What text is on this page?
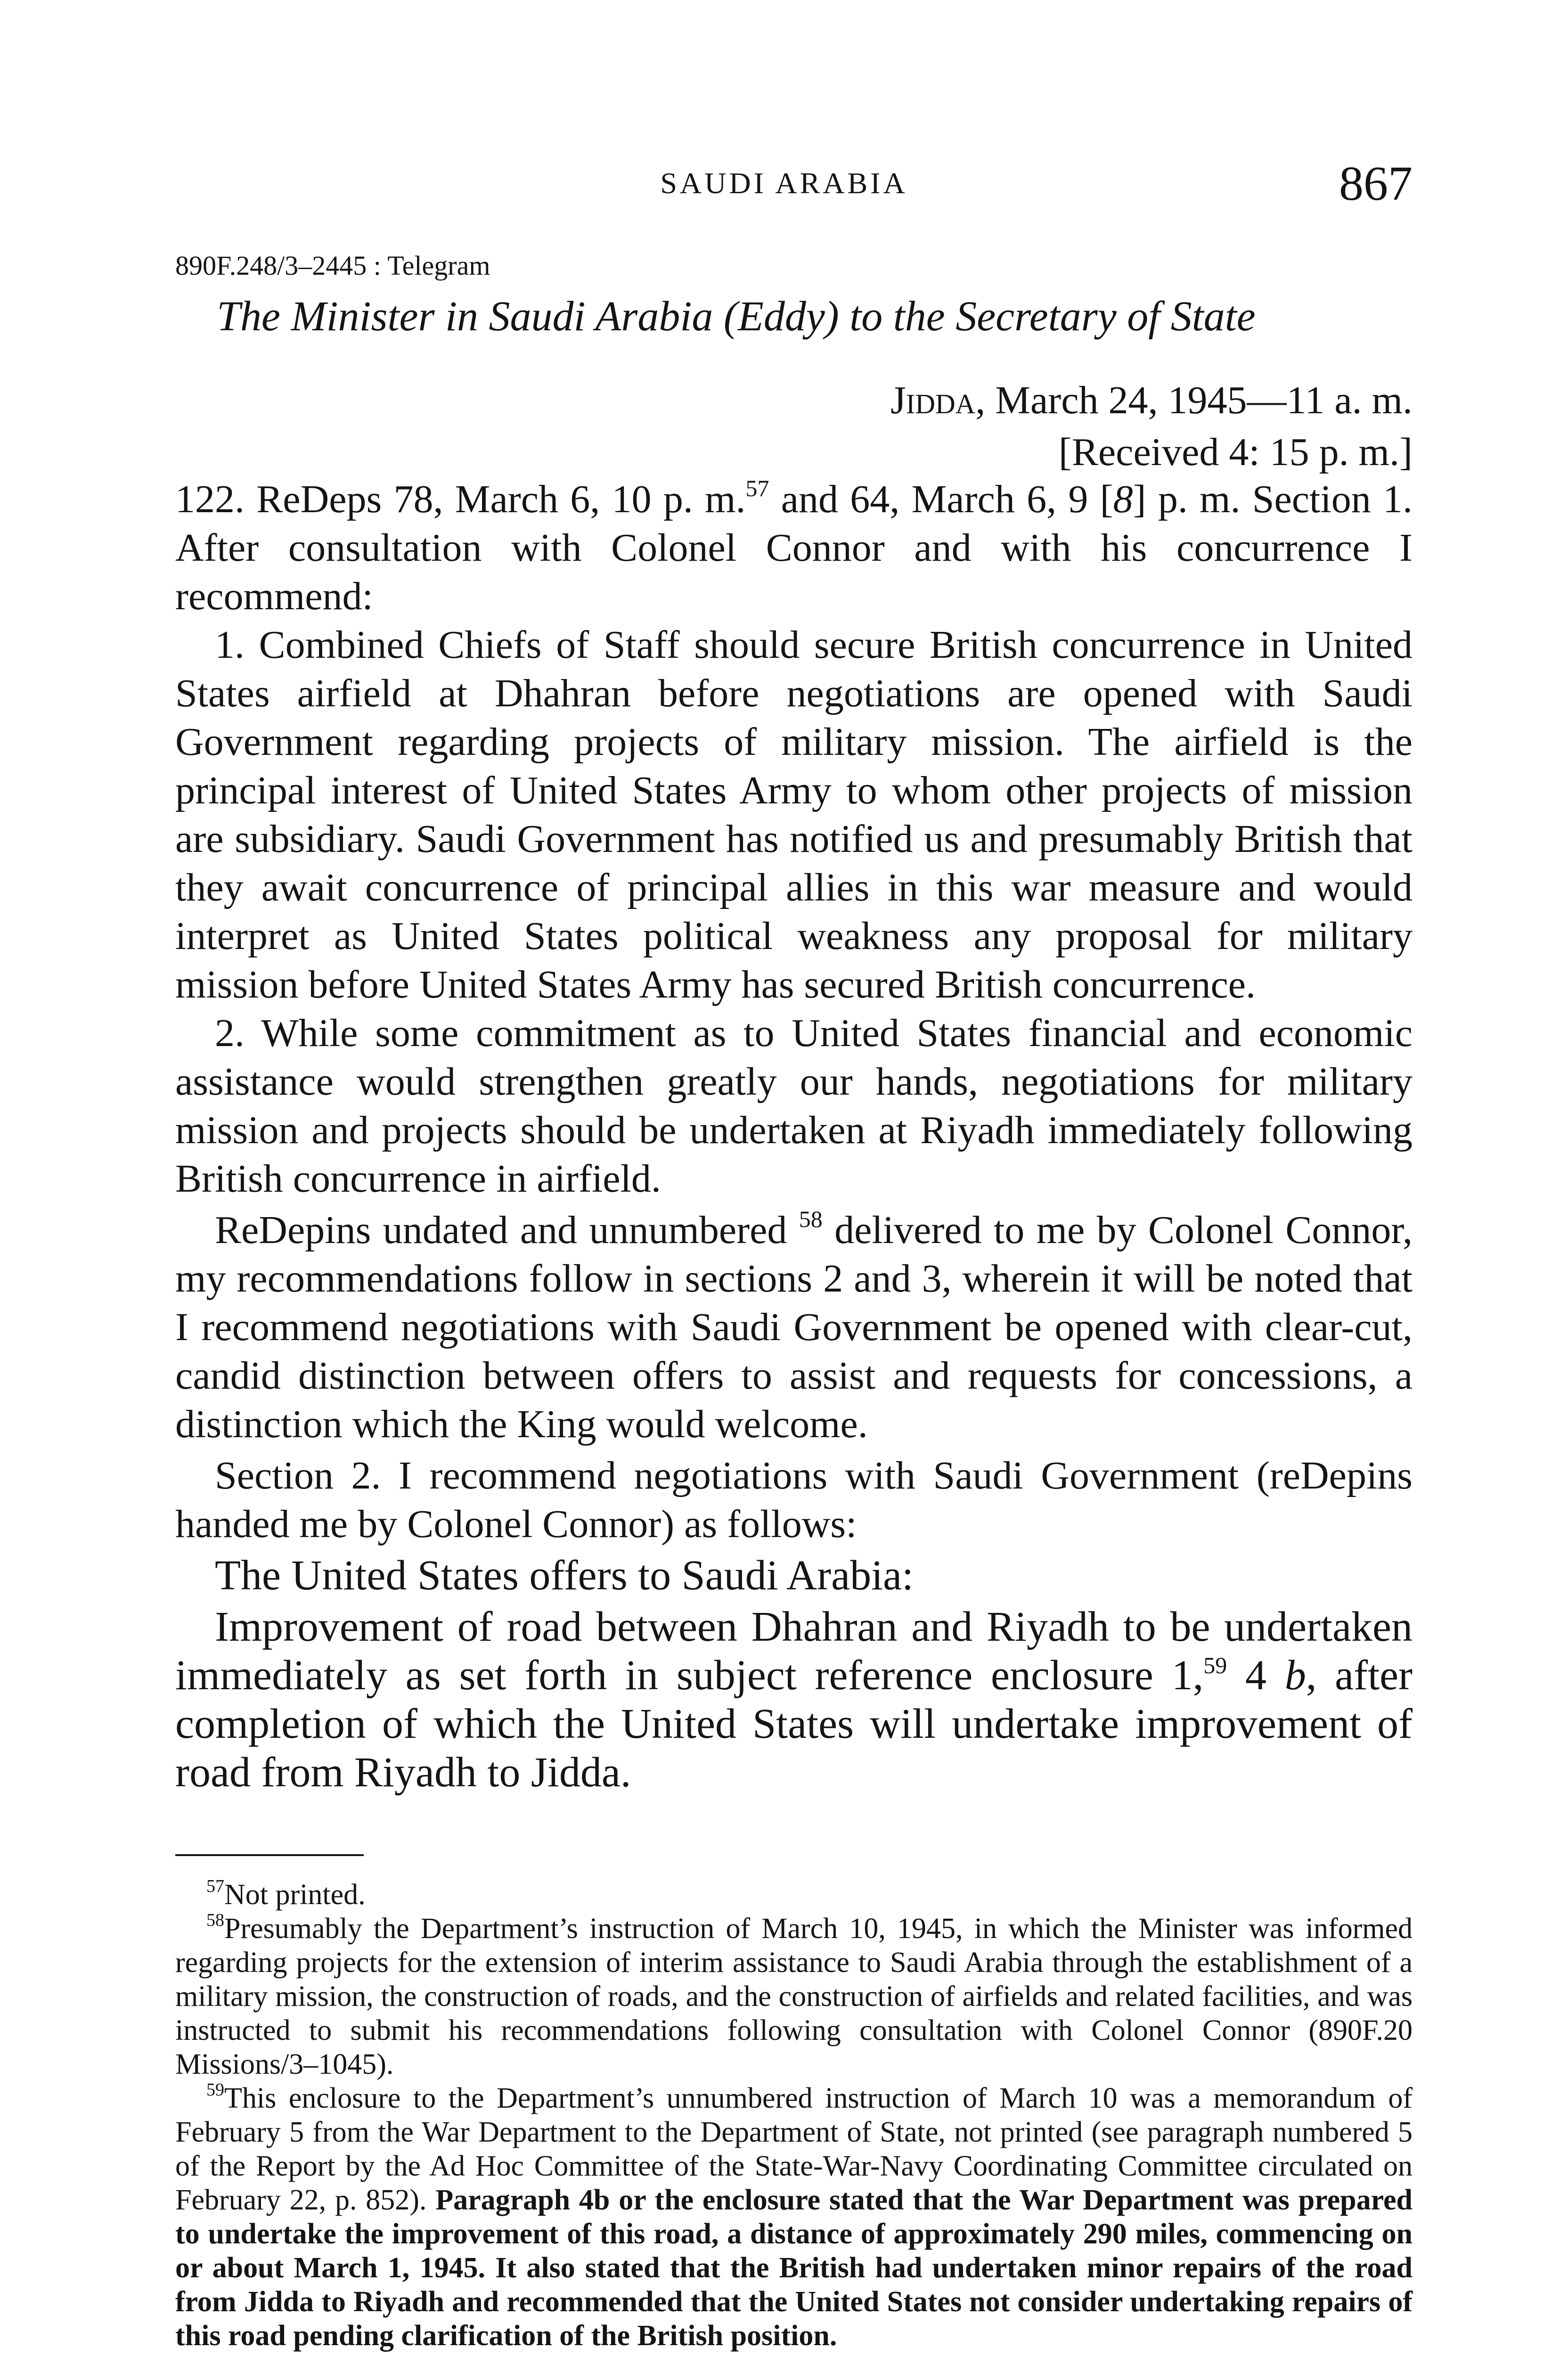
SAUDI ARABIA	867
890F.248/3–2445 : Telegram
The Minister in Saudi Arabia (Eddy) to the Secretary of State
Jidda, March 24, 1945—11 a. m.
[Received 4: 15 p. m.]

122. ReDeps 78, March 6, 10 p. m.$^{57}$ and 64, March 6, 9 [8] p. m. Section 1. After consultation with Colonel Connor and with his concurrence I recommend:

1. Combined Chiefs of Staff should secure British concurrence in United States airfield at Dhahran before negotiations are opened with Saudi Government regarding projects of military mission. The airfield is the principal interest of United States Army to whom other projects of mission are subsidiary. Saudi Government has notified us and presumably British that they await concurrence of principal allies in this war measure and would interpret as United States political weakness any proposal for military mission before United States Army has secured British concurrence.

2. While some commitment as to United States financial and economic assistance would strengthen greatly our hands, negotiations for military mission and projects should be undertaken at Riyadh immediately following British concurrence in airfield.

ReDepins undated and unnumbered $^{58}$ delivered to me by Colonel Connor, my recommendations follow in sections 2 and 3, wherein it will be noted that I recommend negotiations with Saudi Government be opened with clear-cut, candid distinction between offers to assist and requests for concessions, a distinction which the King would welcome.

Section 2. I recommend negotiations with Saudi Government (reDepins handed me by Colonel Connor) as follows:

The United States offers to Saudi Arabia:

Improvement of road between Dhahran and Riyadh to be undertaken immediately as set forth in subject reference enclosure 1,59 4 b, after completion of which the United States will undertake improvement of road from Riyadh to Jidda.

$^{57}$Not printed.

$^{58}$Presumably the Department’s instruction of March 10, 1945, in which the Minister was informed regarding projects for the extension of interim assistance to Saudi Arabia through the establishment of a military mission, the construction of roads, and the construction of airfields and related facilities, and was instructed to submit his recommendations following consultation with Colonel Connor (890F.20 Missions/3–1045).

$^{59}$This enclosure to the Department’s unnumbered instruction of March 10 was a memorandum of February 5 from the War Department to the Department of State, not printed (see paragraph numbered 5 of the Report by the Ad Hoc Committee of the State-War-Navy Coordinating Committee circulated on February 22, p. 852). Paragraph 4b or the enclosure stated that the War Department was prepared to undertake the improvement of this road, a distance of approximately 290 miles, commencing on or about March 1, 1945. It also stated that the British had undertaken minor repairs of the road from Jidda to Riyadh and recommended that the United States not consider undertaking repairs of this road pending clarification of the British position.
